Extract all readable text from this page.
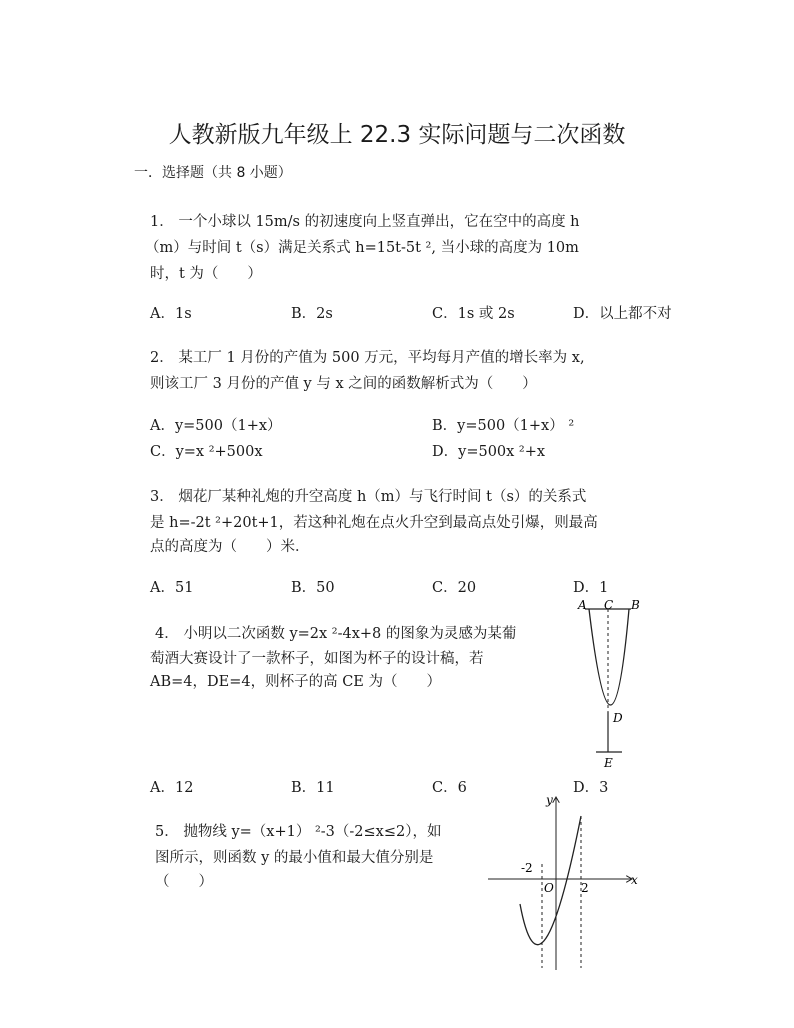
人教新版九年级上 22.3 实际问题与二次函数
一．选择题（共 8 小题）
1． 一个小球以 15m/s 的初速度向上竖直弹出，它在空中的高度 h
（m）与时间 t（s）满足关系式 h=15t-5t ², 当小球的高度为 10m
时，t 为（　　）
A．1s	B．2s	C．1s 或 2s	D．以上都不对
2． 某工厂 1 月份的产值为 500 万元，平均每月产值的增长率为 x,
则该工厂 3 月份的产值 y 与 x 之间的函数解析式为（　　）
A．y=500（1+x）	B．y=500（1+x） ²
C．y=x ²+500x	D．y=500x ²+x
3． 烟花厂某种礼炮的升空高度 h（m）与飞行时间 t（s）的关系式
是 h=-2t ²+20t+1，若这种礼炮在点火升空到最高点处引爆，则最高
点的高度为（　　）米．
A．51	B．50	C．20	D．1
4． 小明以二次函数 y=2x ²-4x+8 的图象为灵感为某葡
萄酒大赛设计了一款杯子，如图为杯子的设计稿，若
AB=4，DE=4，则杯子的高 CE 为（　　）
A．12	B．11	C．6	D．3
A C B
D
E
5． 抛物线 y=（x+1） ²-3（-2≤x≤2），如
图所示，则函数 y 的最小值和最大值分别是
（　　）
y
x
O
-2
2
